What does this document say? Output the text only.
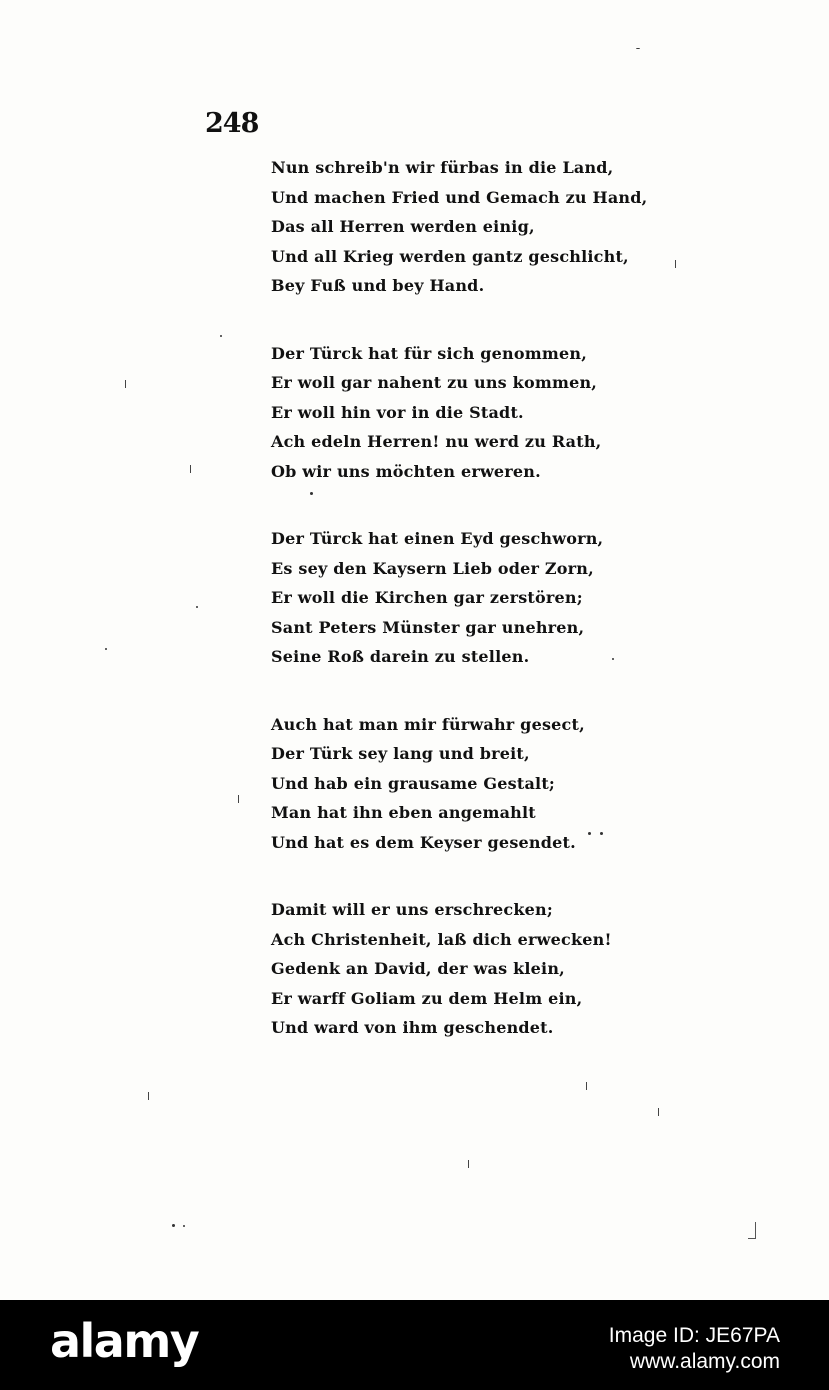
248
Nun schreib'n wir fürbas in die Land,
Und machen Fried und Gemach zu Hand,
Das all Herren werden einig,
Und all Krieg werden gantz geschlicht,
Bey Fuß und bey Hand.
Der Türck hat für sich genommen,
Er woll gar nahent zu uns kommen,
Er woll hin vor in die Stadt.
Ach edeln Herren! nu werd zu Rath,
Ob wir uns möchten erweren.
Der Türck hat einen Eyd geschworn,
Es sey den Kaysern Lieb oder Zorn,
Er woll die Kirchen gar zerstören;
Sant Peters Münster gar unehren,
Seine Roß darein zu stellen.
Auch hat man mir fürwahr gesect,
Der Türk sey lang und breit,
Und hab ein grausame Gestalt;
Man hat ihn eben angemahlt
Und hat es dem Keyser gesendet.
Damit will er uns erschrecken;
Ach Christenheit, laß dich erwecken!
Gedenk an David, der was klein,
Er warff Goliam zu dem Helm ein,
Und ward von ihm geschendet.
alamy	Image ID: JE67PA
www.alamy.com
